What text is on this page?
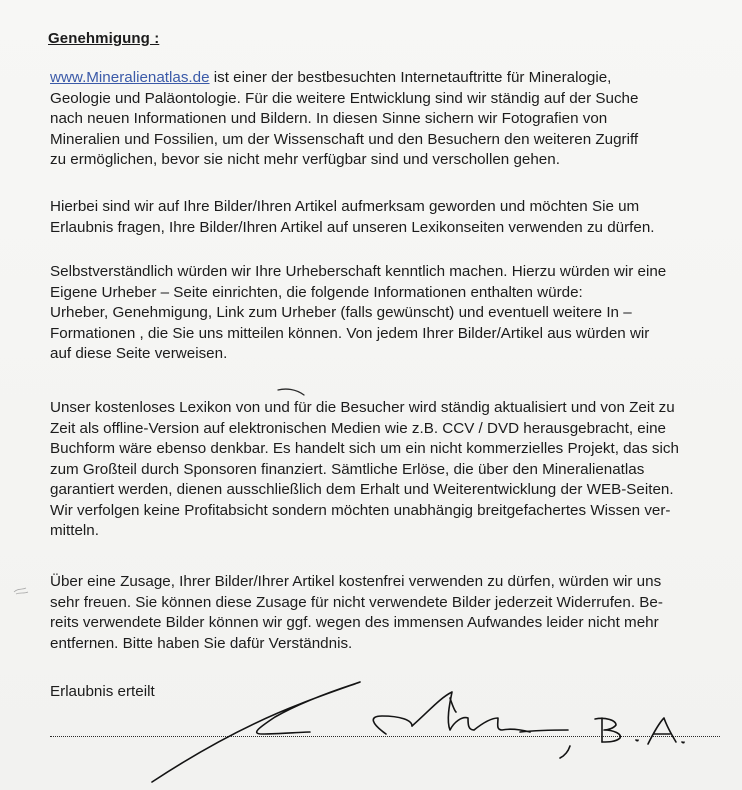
Genehmigung :
www.Mineralienatlas.de ist einer der bestbesuchten Internetauftritte für Mineralogie,
Geologie und Paläontologie. Für die weitere Entwicklung sind wir ständig auf der Suche
nach neuen Informationen und Bildern. In diesen Sinne sichern wir Fotografien von
Mineralien und Fossilien, um der Wissenschaft und den Besuchern den weiteren Zugriff
zu ermöglichen, bevor sie nicht mehr verfügbar sind und verschollen gehen.
Hierbei sind wir auf Ihre Bilder/Ihren Artikel aufmerksam geworden und möchten Sie um
Erlaubnis fragen, Ihre Bilder/Ihren Artikel auf unseren Lexikonseiten verwenden zu dürfen.
Selbstverständlich würden wir Ihre Urheberschaft kenntlich machen. Hierzu würden wir eine
Eigene Urheber – Seite einrichten, die folgende Informationen enthalten würde:
Urheber, Genehmigung, Link zum Urheber (falls gewünscht) und eventuell weitere In –
Formationen , die Sie uns mitteilen können. Von jedem Ihrer Bilder/Artikel aus würden wir
auf diese Seite verweisen.
Unser kostenloses Lexikon von und für die Besucher wird ständig aktualisiert und von Zeit zu
Zeit als offline-Version auf elektronischen Medien wie z.B. CCV / DVD herausgebracht, eine
Buchform wäre ebenso denkbar. Es handelt sich um ein nicht kommerzielles Projekt, das sich
zum Großteil durch Sponsoren finanziert. Sämtliche Erlöse, die über den Mineralienatlas
garantiert werden, dienen ausschließlich dem Erhalt und Weiterentwicklung der WEB-Seiten.
Wir verfolgen keine Profitabsicht sondern möchten unabhängig breitgefachertes Wissen ver-
mitteln.
Über eine Zusage, Ihrer Bilder/Ihrer Artikel kostenfrei verwenden zu dürfen, würden wir uns
sehr freuen. Sie können diese Zusage für nicht verwendete Bilder jederzeit Widerrufen. Be-
reits verwendete Bilder können wir ggf. wegen des immensen Aufwandes leider nicht mehr
entfernen. Bitte haben Sie dafür Verständnis.
Erlaubnis erteilt
